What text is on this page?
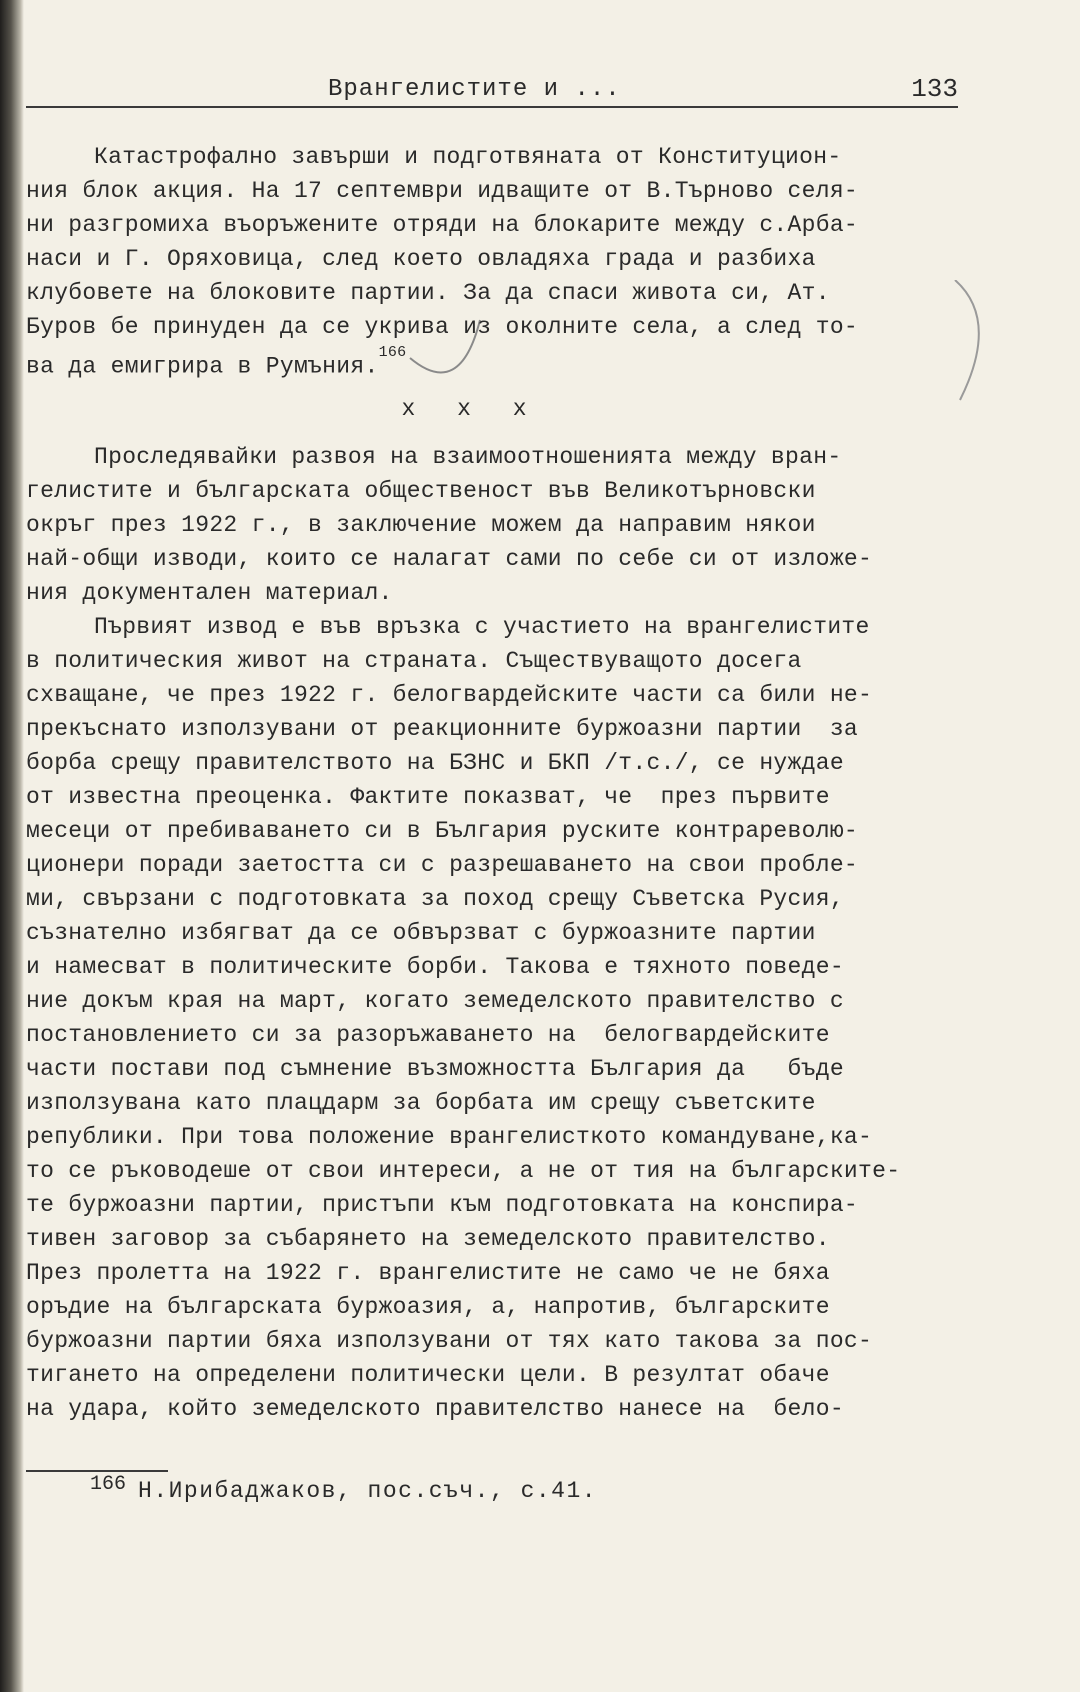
Врангелистите и ...	133
Катастрофално завърши и подготвяната от Конституцион-
ния блок акция. На 17 септември идващите от В.Търново селя-
ни разгромиха въоръжените отряди на блокарите между с.Арба-
наси и Г. Оряховица, след което овладяха града и разбиха
клубовете на блоковите партии. За да спаси живота си, Ат.
Буров бе принуден да се укрива из околните села, а след то-
ва да емигрира в Румъния.$^{166}$
x x x
Проследявайки развоя на взаимоотношенията между вран-
гелистите и българската общественост във Великотърновски
окръг през 1922 г., в заключение можем да направим някои
най-общи изводи, които се налагат сами по себе си от изложе-
ния документален материал.
Първият извод е във връзка с участието на врангелистите
в политическия живот на страната. Съществуващото досега
схващане, че през 1922 г. белогвардейските части са били не-
прекъснато използувани от реакционните буржоазни партии  за
борба срещу правителството на БЗНС и БКП /т.с./, се нуждае
от известна преоценка. Фактите показват, че  през първите
месеци от пребиваването си в България руските контрареволю-
ционери поради заетостта си с разрешаването на свои пробле-
ми, свързани с подготовката за поход срещу Съветска Русия,
съзнателно избягват да се обвързват с буржоазните партии
и намесват в политическите борби. Такова е тяхното поведе-
ние докъм края на март, когато земеделското правителство с
постановлението си за разоръжаването на  белогвардейските
части постави под съмнение възможността България да   бъде
използувана като плацдарм за борбата им срещу съветските
републики. При това положение врангелисткото командуване,ка-
то се ръководеше от свои интереси, а не от тия на българските-
те буржоазни партии, пристъпи към подготовката на конспира-
тивен заговор за събарянето на земеделското правителство.
През пролетта на 1922 г. врангелистите не само че не бяха
оръдие на българската буржоазия, а, напротив, българските
буржоазни партии бяха използувани от тях като такова за пос-
тигането на определени политически цели. В резултат обаче
на удара, който земеделското правителство нанесе на  бело-
166 Н.Ирибаджаков, пос.съч., с.41.
